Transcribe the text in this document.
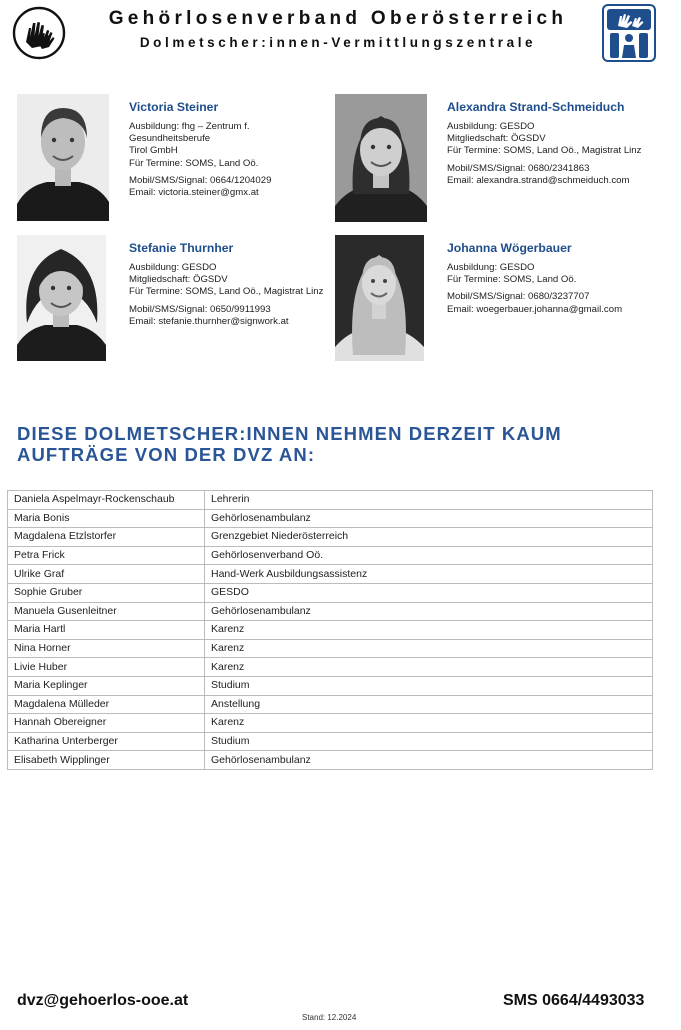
Gehörlosenverband Oberösterreich
Dolmetscher:innen-Vermittlungszentrale
Victoria Steiner
Ausbildung: fhg – Zentrum f.
Gesundheitsberufe
Tirol GmbH
Für Termine: SOMS, Land Oö.
Mobil/SMS/Signal: 0664/1204029
Email: victoria.steiner@gmx.at
Alexandra Strand-Schmeiduch
Ausbildung: GESDO
Mitgliedschaft: ÖGSDV
Für Termine: SOMS, Land Oö., Magistrat Linz
Mobil/SMS/Signal: 0680/2341863
Email: alexandra.strand@schmeiduch.com
Stefanie Thurnher
Ausbildung: GESDO
Mitgliedschaft: ÖGSDV
Für Termine: SOMS, Land Oö., Magistrat Linz
Mobil/SMS/Signal: 0650/9911993
Email: stefanie.thurnher@signwork.at
Johanna Wögerbauer
Ausbildung: GESDO
Für Termine: SOMS, Land Oö.
Mobil/SMS/Signal: 0680/3237707
Email: woegerbauer.johanna@gmail.com
DIESE DOLMETSCHER:INNEN NEHMEN DERZEIT KAUM
AUFTRÄGE VON DER DVZ AN:
Daniela Aspelmayr-Rockenschaub	Lehrerin
Maria Bonis	Gehörlosenambulanz
Magdalena Etzlstorfer	Grenzgebiet Niederösterreich
Petra Frick	Gehörlosenverband Oö.
Ulrike Graf	Hand-Werk Ausbildungsassistenz
Sophie Gruber	GESDO
Manuela Gusenleitner	Gehörlosenambulanz
Maria Hartl	Karenz
Nina Horner	Karenz
Livie Huber	Karenz
Maria Keplinger	Studium
Magdalena Mülleder	Anstellung
Hannah Obereigner	Karenz
Katharina Unterberger	Studium
Elisabeth Wipplinger	Gehörlosenambulanz
dvz@gehoerlos-ooe.at	SMS 0664/4493033
Stand: 12.2024
